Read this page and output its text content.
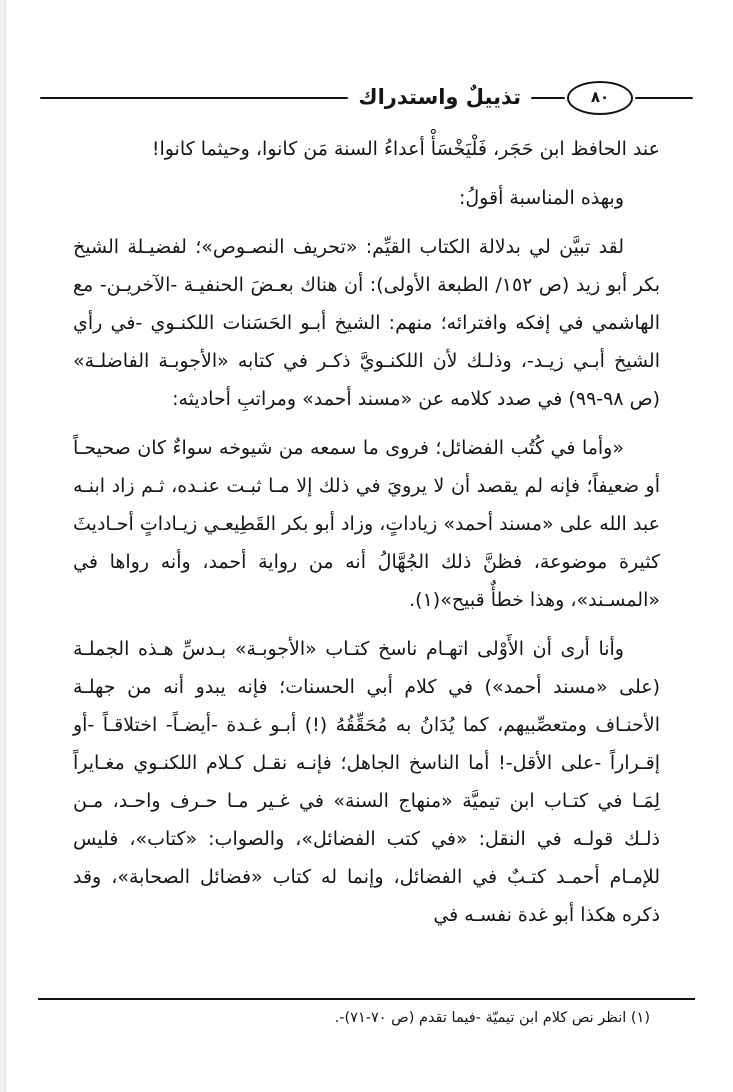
٨٠
تذييلٌ واستدراك

عند الحافظ ابن حَجَر، فَلْيَخْسَأْ أعداءُ السنة مَن كانوا، وحيثما كانوا!

وبهذه المناسبة أقولُ:

لقد تبيَّن لي بدلالة الكتاب القيِّم: «تحريف النصـوص»؛ لفضيـلة الشيخ بكر أبو زيد (ص ١٥٢/ الطبعة الأولى): أن هناك بعـضَ الحنفيـة -الآخريـن- مع الهاشمي في إفكه وافترائه؛ منهم: الشيخ أبـو الحَسَنات اللكنـوي -في رأي الشيخ أبـي زيـد-، وذلـك لأن اللكنـويَّ ذكـر في كتابه «الأجوبـة الفاضلـة» (ص ٩٨-٩٩) في صدد كلامه عن «مسند أحمد» ومراتبِ أحاديثه:

«وأما في كُتُب الفضائل؛ فروى ما سمعه من شيوخه سواءٌ كان صحيحـاً أو ضعيفاً؛ فإنه لم يقصد أن لا يرويَ في ذلك إلا مـا ثبـت عنـده، ثـم زاد ابنـه عبد الله على «مسند أحمد» زياداتٍ، وزاد أبو بكر القَطِيعـي زيـاداتٍ أحـاديثَ كثيرة موضوعة، فظنَّ ذلك الجُهَّالُ أنه من رواية أحمد، وأنه رواها في «المسـند»، وهذا خطأٌ قبيح»(١).

وأنا أرى أن الأَوْلى اتهـام ناسخ كتـاب «الأجوبـة» بـدسِّ هـذه الجملـة (على «مسند أحمد») في كلام أبي الحسنات؛ فإنه يبدو أنه من جهلـة الأحنـاف ومتعصِّبيهم، كما يُدَانُ به مُحَقِّقُهُ (!) أبـو غـدة -أيضـاً- اختلاقـاً -أو إقـراراً -على الأقل-! أما الناسخ الجاهل؛ فإنـه نقـل كـلام اللكنـوي مغـايراً لِمَـا في كتـاب ابن تيميَّة «منهاج السنة» في غـير مـا حـرف واحـد، مـن ذلـك قولـه في النقل: «في كتب الفضائل»، والصواب: «كتاب»، فليس للإمـام أحمـد كتـبٌ في الفضائل، وإنما له كتاب «فضائل الصحابة»، وقد ذكره هكذا أبو غدة نفسـه في

(١) انظر نص كلام ابن تيميّة -فيما تقدم (ص ٧٠-٧١)-.
